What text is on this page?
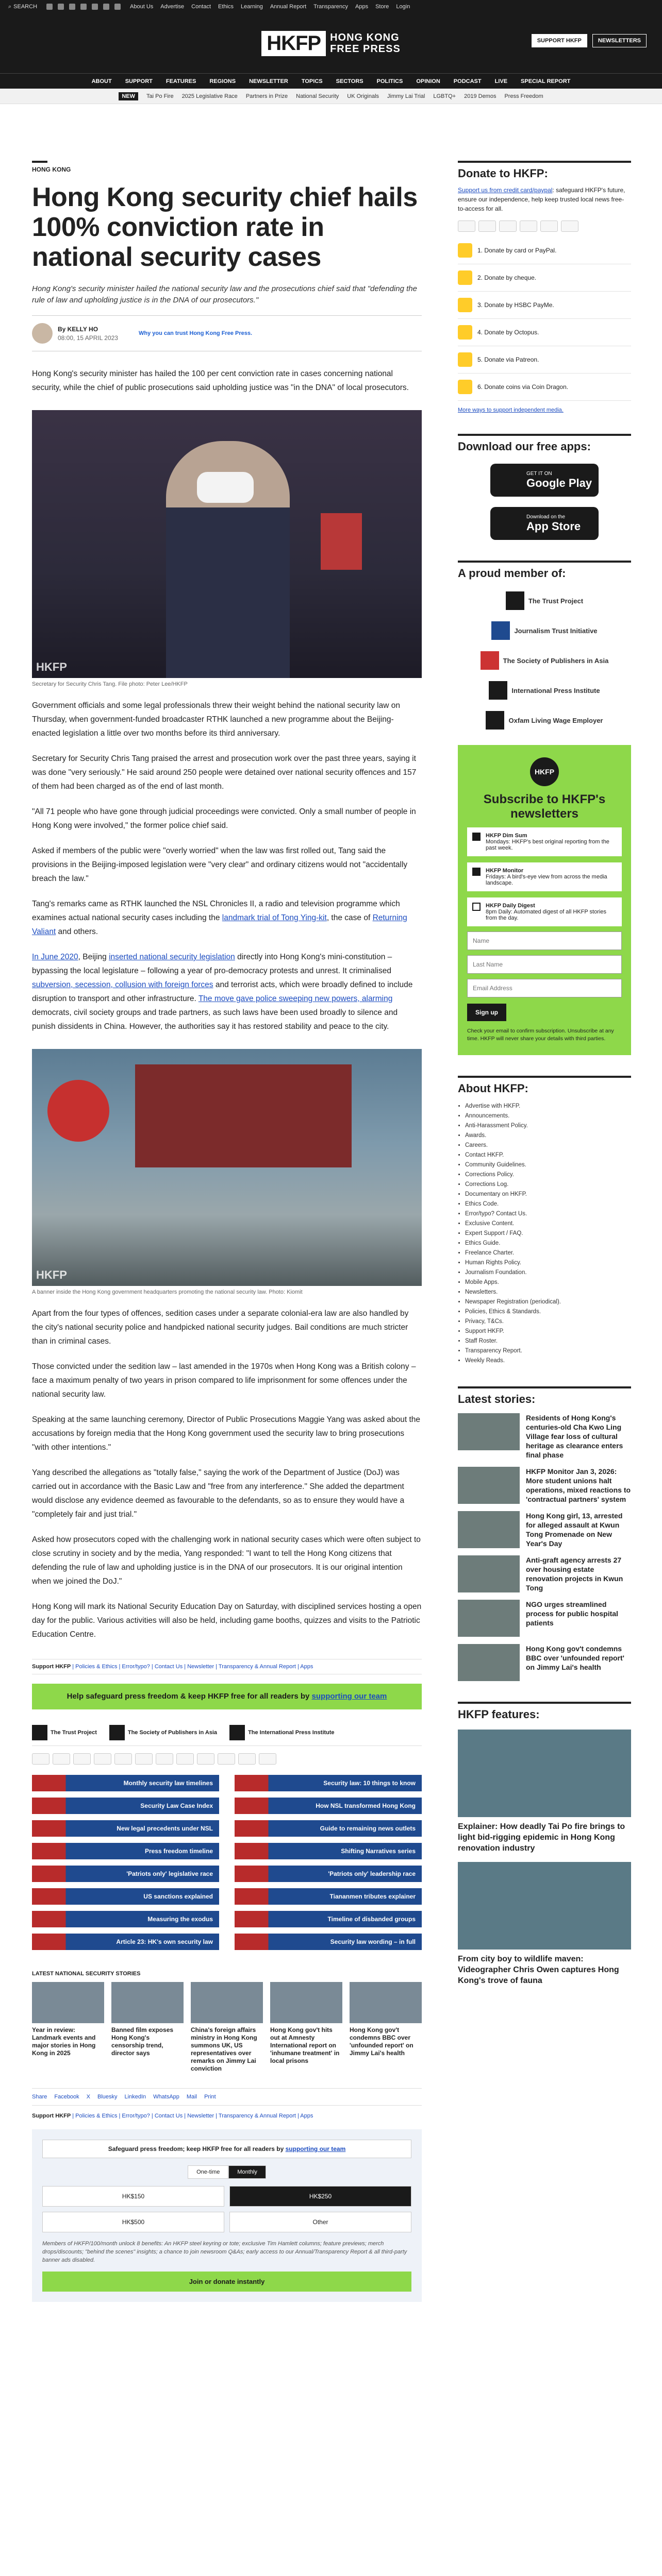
⌕ SEARCH	About Us Advertise Contact Ethics Learning Annual Report Transparency Apps Store Login
HKFP HONG KONG
FREE PRESS
SUPPORT HKFP	NEWSLETTERS
ABOUT SUPPORT FEATURES REGIONS NEWSLETTER TOPICS SECTORS POLITICS OPINION PODCAST LIVE SPECIAL REPORT
NEW	Tai Po Fire 2025 Legislative Race Partners in Prize National Security UK Originals Jimmy Lai Trial LGBTQ+ 2019 Demos Press Freedom
HONG KONG
Hong Kong security chief hails 100% conviction rate in national security cases
Hong Kong's security minister hailed the national security law and the prosecutions chief said that "defending the rule of law and upholding justice is in the DNA of our prosecutors."
By KELLY HO
08:00, 15 APRIL 2023
Why you can trust Hong Kong Free Press.

Hong Kong's security minister has hailed the 100 per cent conviction rate in cases concerning national security, while the chief of public prosecutions said upholding justice was "in the DNA" of local prosecutors.

HKFP
Secretary for Security Chris Tang. File photo: Peter Lee/HKFP

Government officials and some legal professionals threw their weight behind the national security law on Thursday, when government-funded broadcaster RTHK launched a new programme about the Beijing-enacted legislation a little over two months before its third anniversary.

Secretary for Security Chris Tang praised the arrest and prosecution work over the past three years, saying it was done "very seriously." He said around 250 people were detained over national security offences and 157 of them had been charged as of the end of last month.

"All 71 people who have gone through judicial proceedings were convicted. Only a small number of people in Hong Kong were involved," the former police chief said.

Asked if members of the public were "overly worried" when the law was first rolled out, Tang said the provisions in the Beijing-imposed legislation were "very clear" and ordinary citizens would not "accidentally breach the law."

Tang's remarks came as RTHK launched the NSL Chronicles II, a radio and television programme which examines actual national security cases including the landmark trial of Tong Ying-kit, the case of Returning Valiant and others.

In June 2020, Beijing inserted national security legislation directly into Hong Kong's mini-constitution – bypassing the local legislature – following a year of pro-democracy protests and unrest. It criminalised subversion, secession, collusion with foreign forces and terrorist acts, which were broadly defined to include disruption to transport and other infrastructure. The move gave police sweeping new powers, alarming democrats, civil society groups and trade partners, as such laws have been used broadly to silence and punish dissidents in China. However, the authorities say it has restored stability and peace to the city.

HKFP
A banner inside the Hong Kong government headquarters promoting the national security law. Photo: Kiomit

Apart from the four types of offences, sedition cases under a separate colonial-era law are also handled by the city's national security police and handpicked national security judges. Bail conditions are much stricter than in criminal cases.

Those convicted under the sedition law – last amended in the 1970s when Hong Kong was a British colony – face a maximum penalty of two years in prison compared to life imprisonment for some offences under the national security law.

Speaking at the same launching ceremony, Director of Public Prosecutions Maggie Yang was asked about the accusations by foreign media that the Hong Kong government used the security law to bring prosecutions "with other intentions."

Yang described the allegations as "totally false," saying the work of the Department of Justice (DoJ) was carried out in accordance with the Basic Law and "free from any interference." She added the department would disclose any evidence deemed as favourable to the defendants, so as to ensure they would have a "completely fair and just trial."

Asked how prosecutors coped with the challenging work in national security cases which were often subject to close scrutiny in society and by the media, Yang responded: "I want to tell the Hong Kong citizens that defending the rule of law and upholding justice is in the DNA of our prosecutors. It is our original intention when we joined the DoJ."

Hong Kong will mark its National Security Education Day on Saturday, with disciplined services hosting a open day for the public. Various activities will also be held, including game booths, quizzes and visits to the Patriotic Education Centre.

Support HKFP | Policies & Ethics | Error/typo? | Contact Us | Newsletter | Transparency & Annual Report | Apps
Help safeguard press freedom & keep HKFP free for all readers by supporting our team
The Trust Project	The Society of Publishers in Asia	The International Press Institute
Monthly security law timelines	Security law: 10 things to know
Security Law Case Index	How NSL transformed Hong Kong
New legal precedents under NSL	Guide to remaining news outlets
Press freedom timeline	Shifting Narratives series
'Patriots only' legislative race	'Patriots only' leadership race
US sanctions explained	Tiananmen tributes explainer
Measuring the exodus	Timeline of disbanded groups
Article 23: HK's own security law	Security law wording – in full
LATEST NATIONAL SECURITY STORIES

Year in review: Landmark events and major stories in Hong Kong in 2025

Banned film exposes Hong Kong's censorship trend, director says

China's foreign affairs ministry in Hong Kong summons UK, US representatives over remarks on Jimmy Lai conviction

Hong Kong gov't hits out at Amnesty International report on 'inhumane treatment' in local prisons

Hong Kong gov't condemns BBC over 'unfounded report' on Jimmy Lai's health

Share Facebook X Bluesky LinkedIn WhatsApp Mail Print
Support HKFP | Policies & Ethics | Error/typo? | Contact Us | Newsletter | Transparency & Annual Report | Apps
Safeguard press freedom; keep HKFP free for all readers by supporting our team
One-time	Monthly
HK$150	HK$250
HK$500	Other
Members of HKFP/100/month unlock 8 benefits: An HKFP steel keyring or tote; exclusive Tim Hamlett columns; feature previews; merch drops/discounts; "behind the scenes" insights; a chance to join newsroom Q&As; early access to our Annual/Transparency Report & all third-party banner ads disabled.
Join or donate instantly
Donate to HKFP:

Support us from credit card/paypal: safeguard HKFP's future, ensure our independence, help keep trusted local news free-to-access for all.

1. Donate by card or PayPal.
2. Donate by cheque.
3. Donate by HSBC PayMe.
4. Donate by Octopus.
5. Donate via Patreon.
6. Donate coins via Coin Dragon.
More ways to support independent media.
Download our free apps:
GET IT ON
Google Play
Download on the
App Store
A proud member of:
The Trust Project
Journalism Trust Initiative
The Society of Publishers in Asia
International Press Institute
Oxfam Living Wage Employer
HKFP
Subscribe to HKFP's newsletters
HKFP Dim Sum
Mondays: HKFP's best original reporting from the past week.
HKFP Monitor
Fridays: A bird's-eye view from across the media landscape.
HKFP Daily Digest
8pm Daily: Automated digest of all HKFP stories from the day.
Name Last Name Email Address Sign up
Check your email to confirm subscription. Unsubscribe at any time. HKFP will never share your details with third parties.
About HKFP:
• Advertise with HKFP.
• Announcements.
• Anti-Harassment Policy.
• Awards.
• Careers.
• Contact HKFP.
• Community Guidelines.
• Corrections Policy.
• Corrections Log.
• Documentary on HKFP.
• Ethics Code.
• Error/typo? Contact Us.
• Exclusive Content.
• Expert Support / FAQ.
• Ethics Guide.
• Freelance Charter.
• Human Rights Policy.
• Journalism Foundation.
• Mobile Apps.
• Newsletters.
• Newspaper Registration (periodical).
• Policies, Ethics & Standards.
• Privacy, T&Cs.
• Support HKFP.
• Staff Roster.
• Transparency Report.
• Weekly Reads.
Latest stories:

Residents of Hong Kong's centuries-old Cha Kwo Ling Village fear loss of cultural heritage as clearance enters final phase

HKFP Monitor Jan 3, 2026: More student unions halt operations, mixed reactions to 'contractual partners' system

Hong Kong girl, 13, arrested for alleged assault at Kwun Tong Promenade on New Year's Day

Anti-graft agency arrests 27 over housing estate renovation projects in Kwun Tong

NGO urges streamlined process for public hospital patients

Hong Kong gov't condemns BBC over 'unfounded report' on Jimmy Lai's health

HKFP features:

Explainer: How deadly Tai Po fire brings to light bid-rigging epidemic in Hong Kong renovation industry

From city boy to wildlife maven: Videographer Chris Owen captures Hong Kong's trove of fauna
